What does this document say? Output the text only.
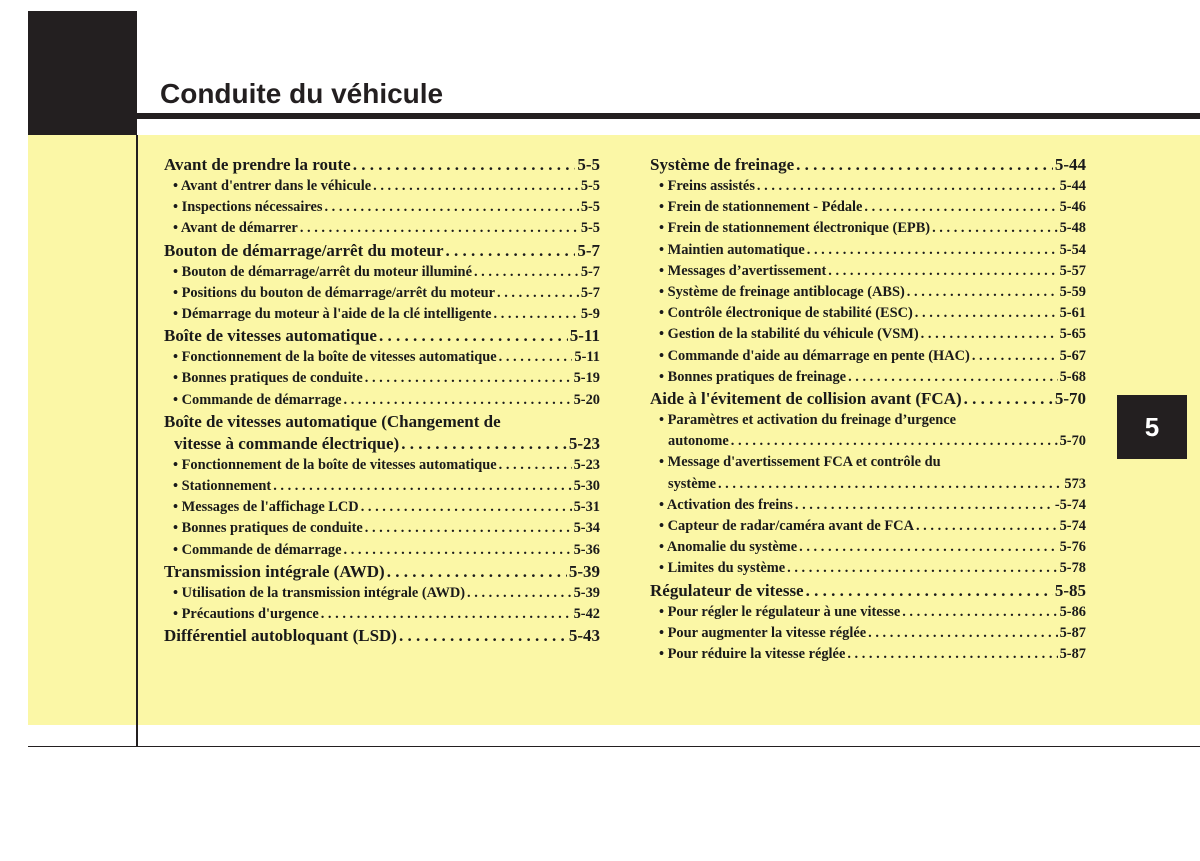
Conduite du véhicule
5
Avant de prendre la route . . .	5-5
• Avant d'entrer dans le véhicule . . .	5-5
• Inspections nécessaires . . .	5-5
• Avant de démarrer . . .	5-5
Bouton de démarrage/arrêt du moteur . . .	5-7
• Bouton de démarrage/arrêt du moteur illuminé . . .	5-7
• Positions du bouton de démarrage/arrêt du moteur . . .	5-7
• Démarrage du moteur à l'aide de la clé intelligente . . .	5-9
Boîte de vitesses automatique . . .	5-11
• Fonctionnement de la boîte de vitesses automatique . . .	5-11
• Bonnes pratiques de conduite . . .	5-19
• Commande de démarrage . . .	5-20
Boîte de vitesses automatique (Changement de
vitesse à commande électrique) . . .	5-23
• Fonctionnement de la boîte de vitesses automatique . . .	5-23
• Stationnement . . .	5-30
• Messages de l'affichage LCD . . .	5-31
• Bonnes pratiques de conduite . . .	5-34
• Commande de démarrage . . .	5-36
Transmission intégrale (AWD) . . .	5-39
• Utilisation de la transmission intégrale (AWD) . . .	5-39
• Précautions d'urgence . . .	5-42
Différentiel autobloquant (LSD) . . .	5-43
Système de freinage . . .	5-44
• Freins assistés . . .	5-44
• Frein de stationnement - Pédale . . .	5-46
• Frein de stationnement électronique (EPB) . . .	5-48
• Maintien automatique . . .	5-54
• Messages d’avertissement . . .	5-57
• Système de freinage antiblocage (ABS) . . .	5-59
• Contrôle électronique de stabilité (ESC) . . .	5-61
• Gestion de la stabilité du véhicule (VSM) . . .	5-65
• Commande d'aide au démarrage en pente (HAC) . . .	5-67
• Bonnes pratiques de freinage . . .	5-68
Aide à l'évitement de collision avant (FCA) . . .	5-70
• Paramètres et activation du freinage d’urgence
autonome . . .	5-70
• Message d'avertissement FCA et contrôle du
système . . .	573
• Activation des freins . . .	-5-74
• Capteur de radar/caméra avant de FCA . . .	5-74
• Anomalie du système . . .	5-76
• Limites du système . . .	5-78
Régulateur de vitesse . . .	5-85
• Pour régler le régulateur à une vitesse . . .	5-86
• Pour augmenter la vitesse réglée . . .	5-87
• Pour réduire la vitesse réglée . . .	5-87
